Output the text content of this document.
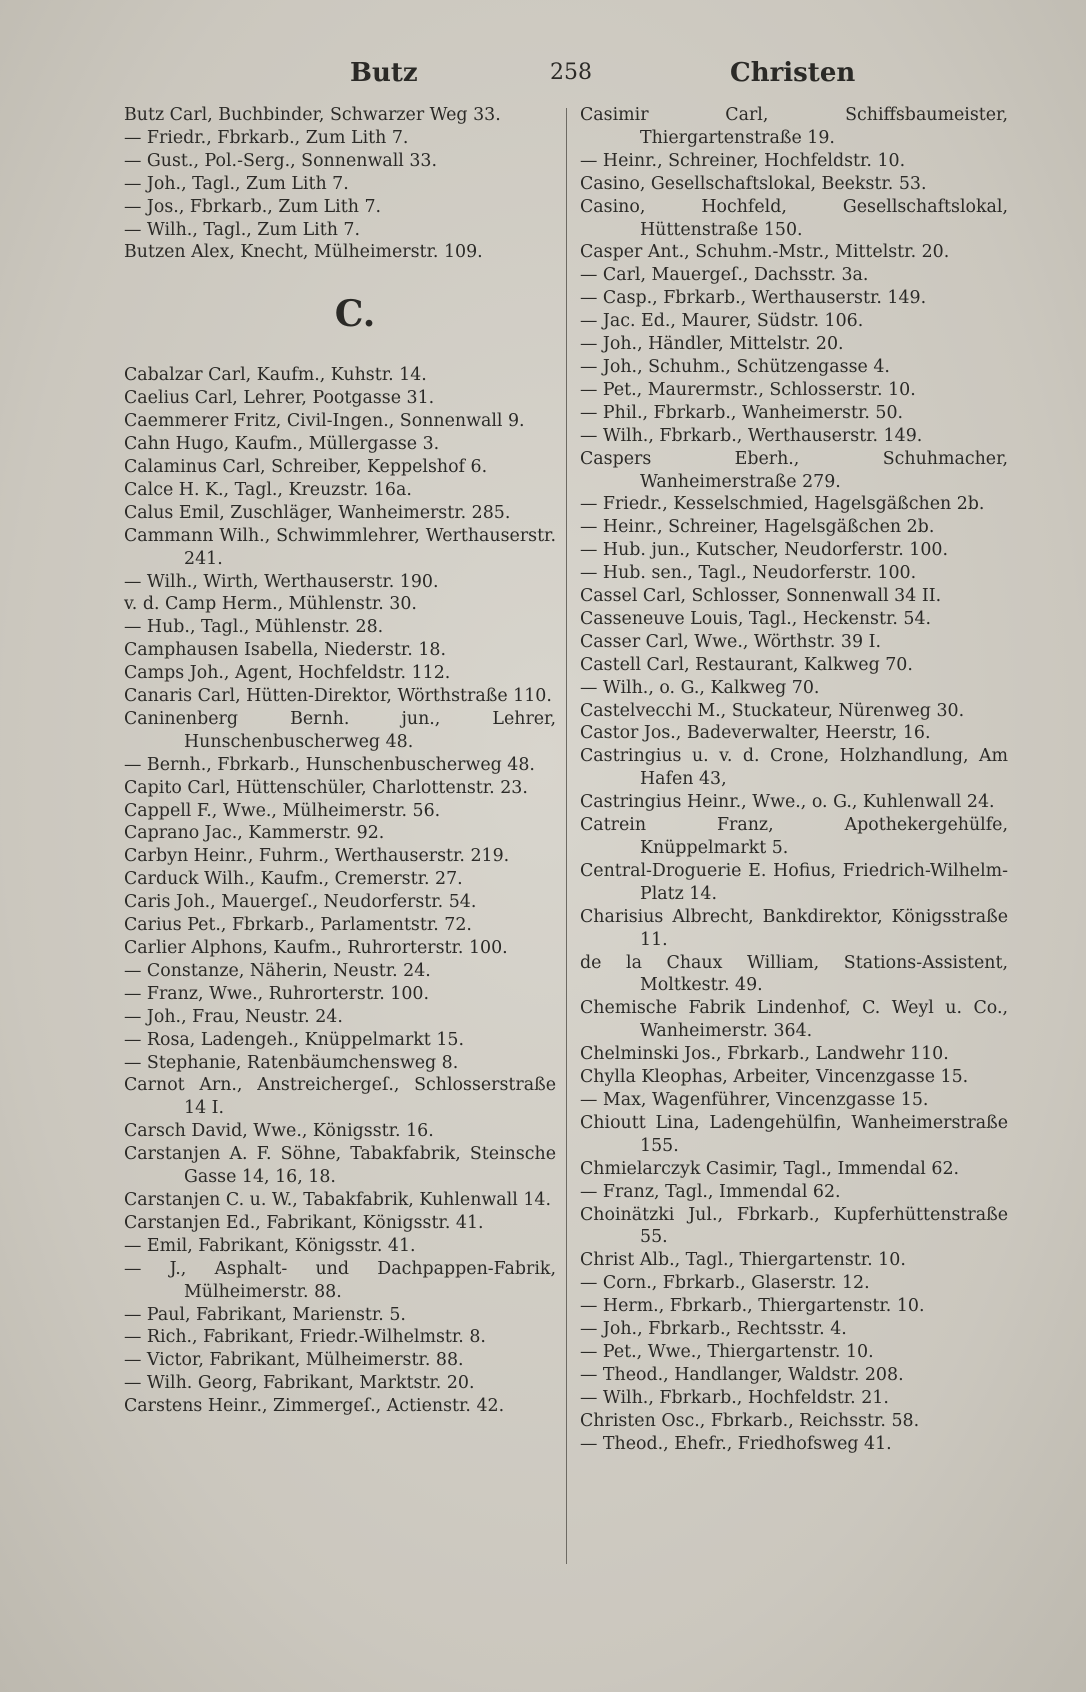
Butz	258	Christen

Butz Carl, Buchbinder, Schwarzer Weg 33.

— Friedr., Fbrkarb., Zum Lith 7.

— Gust., Pol.-Serg., Sonnenwall 33.

— Joh., Tagl., Zum Lith 7.

— Jos., Fbrkarb., Zum Lith 7.

— Wilh., Tagl., Zum Lith 7.

Butzen Alex, Knecht, Mülheimerstr. 109.

C.

Cabalzar Carl, Kaufm., Kuhstr. 14.

Caelius Carl, Lehrer, Pootgasse 31.

Caemmerer Fritz, Civil-Ingen., Sonnenwall 9.

Cahn Hugo, Kaufm., Müllergasse 3.

Calaminus Carl, Schreiber, Keppelshof 6.

Calce H. K., Tagl., Kreuzstr. 16a.

Calus Emil, Zuschläger, Wanheimerstr. 285.

Cammann Wilh., Schwimmlehrer, Werthauserstr. 241.

— Wilh., Wirth, Werthauserstr. 190.

v. d. Camp Herm., Mühlenstr. 30.

— Hub., Tagl., Mühlenstr. 28.

Camphausen Isabella, Niederstr. 18.

Camps Joh., Agent, Hochfeldstr. 112.

Canaris Carl, Hütten-Direktor, Wörthstraße 110.

Caninenberg Bernh. jun., Lehrer, Hunschenbuscherweg 48.

— Bernh., Fbrkarb., Hunschenbuscherweg 48.

Capito Carl, Hüttenschüler, Charlottenstr. 23.

Cappell F., Wwe., Mülheimerstr. 56.

Caprano Jac., Kammerstr. 92.

Carbyn Heinr., Fuhrm., Werthauserstr. 219.

Carduck Wilh., Kaufm., Cremerstr. 27.

Caris Joh., Mauergeſ., Neudorferstr. 54.

Carius Pet., Fbrkarb., Parlamentstr. 72.

Carlier Alphons, Kaufm., Ruhrorterstr. 100.

— Constanze, Näherin, Neustr. 24.

— Franz, Wwe., Ruhrorterstr. 100.

— Joh., Frau, Neustr. 24.

— Rosa, Ladengeh., Knüppelmarkt 15.

— Stephanie, Ratenbäumchensweg 8.

Carnot Arn., Anstreichergeſ., Schlosserstraße 14 I.

Carsch David, Wwe., Königsstr. 16.

Carstanjen A. F. Söhne, Tabakfabrik, Steinsche Gasse 14, 16, 18.

Carstanjen C. u. W., Tabakfabrik, Kuhlenwall 14.

Carstanjen Ed., Fabrikant, Königsstr. 41.

— Emil, Fabrikant, Königsstr. 41.

— J., Asphalt- und Dachpappen-Fabrik, Mülheimerstr. 88.

— Paul, Fabrikant, Marienstr. 5.

— Rich., Fabrikant, Friedr.-Wilhelmstr. 8.

— Victor, Fabrikant, Mülheimerstr. 88.

— Wilh. Georg, Fabrikant, Marktstr. 20.

Carstens Heinr., Zimmergeſ., Actienstr. 42.

Casimir Carl, Schiffsbaumeister, Thiergartenstraße 19.

— Heinr., Schreiner, Hochfeldstr. 10.

Casino, Gesellschaftslokal, Beekstr. 53.

Casino, Hochfeld, Gesellschaftslokal, Hüttenstraße 150.

Casper Ant., Schuhm.-Mstr., Mittelstr. 20.

— Carl, Mauergeſ., Dachsstr. 3a.

— Casp., Fbrkarb., Werthauserstr. 149.

— Jac. Ed., Maurer, Südstr. 106.

— Joh., Händler, Mittelstr. 20.

— Joh., Schuhm., Schützengasse 4.

— Pet., Maurermstr., Schlosserstr. 10.

— Phil., Fbrkarb., Wanheimerstr. 50.

— Wilh., Fbrkarb., Werthauserstr. 149.

Caspers Eberh., Schuhmacher, Wanheimerstraße 279.

— Friedr., Kesselschmied, Hagelsgäßchen 2b.

— Heinr., Schreiner, Hagelsgäßchen 2b.

— Hub. jun., Kutscher, Neudorferstr. 100.

— Hub. sen., Tagl., Neudorferstr. 100.

Cassel Carl, Schlosser, Sonnenwall 34 II.

Casseneuve Louis, Tagl., Heckenstr. 54.

Casser Carl, Wwe., Wörthstr. 39 I.

Castell Carl, Restaurant, Kalkweg 70.

— Wilh., o. G., Kalkweg 70.

Castelvecchi M., Stuckateur, Nürenweg 30.

Castor Jos., Badeverwalter, Heerstr, 16.

Castringius u. v. d. Crone, Holzhandlung, Am Hafen 43,

Castringius Heinr., Wwe., o. G., Kuhlenwall 24.

Catrein Franz, Apothekergehülfe, Knüppelmarkt 5.

Central-Droguerie E. Hofius, Friedrich-Wilhelm-Platz 14.

Charisius Albrecht, Bankdirektor, Königsstraße 11.

de la Chaux William, Stations-Assistent, Moltkestr. 49.

Chemische Fabrik Lindenhof, C. Weyl u. Co., Wanheimerstr. 364.

Chelminski Jos., Fbrkarb., Landwehr 110.

Chylla Kleophas, Arbeiter, Vincenzgasse 15.

— Max, Wagenführer, Vincenzgasse 15.

Chioutt Lina, Ladengehülfin, Wanheimerstraße 155.

Chmielarczyk Casimir, Tagl., Immendal 62.

— Franz, Tagl., Immendal 62.

Choinätzki Jul., Fbrkarb., Kupferhüttenstraße 55.

Christ Alb., Tagl., Thiergartenstr. 10.

— Corn., Fbrkarb., Glaserstr. 12.

— Herm., Fbrkarb., Thiergartenstr. 10.

— Joh., Fbrkarb., Rechtsstr. 4.

— Pet., Wwe., Thiergartenstr. 10.

— Theod., Handlanger, Waldstr. 208.

— Wilh., Fbrkarb., Hochfeldstr. 21.

Christen Osc., Fbrkarb., Reichsstr. 58.

— Theod., Ehefr., Friedhofsweg 41.
